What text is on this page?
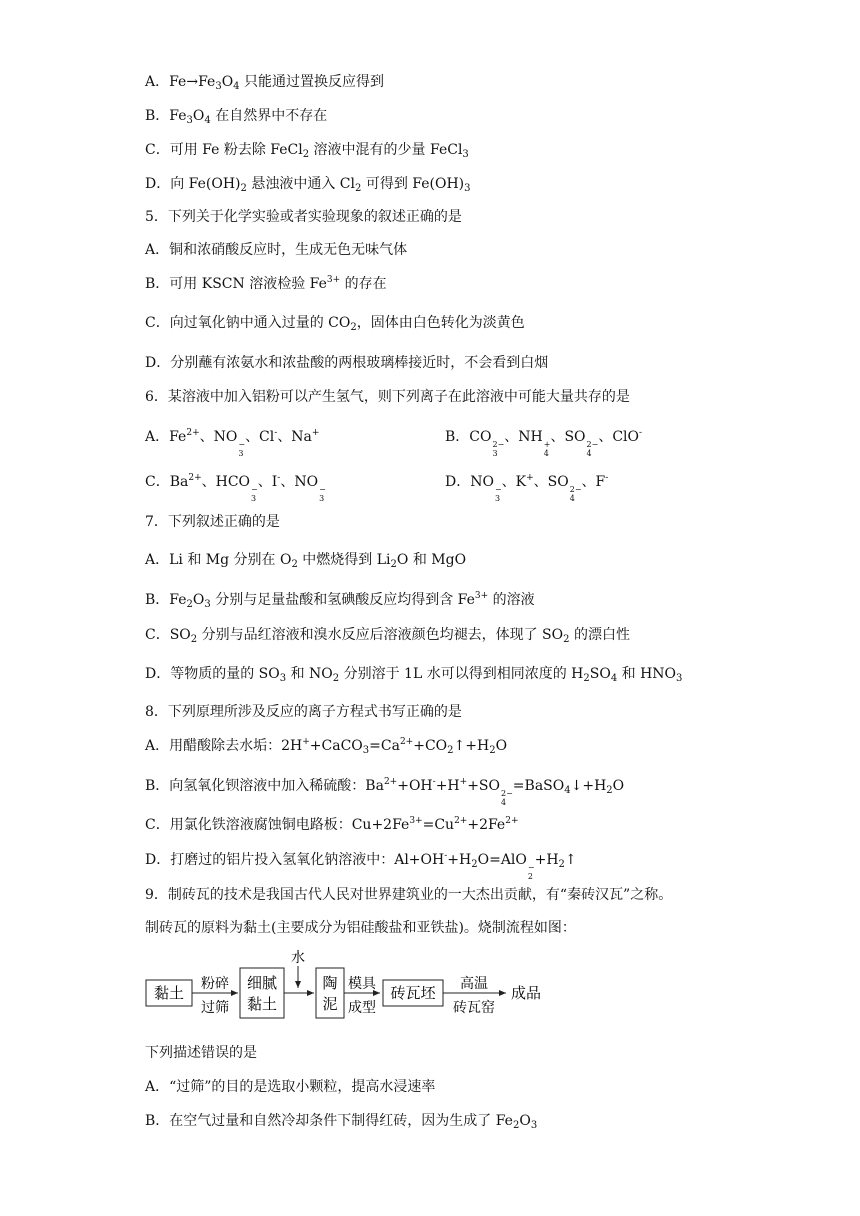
A．$Fe\to Fe_3O_4$ 只能通过置换反应得到
B．$Fe_3O_4$ 在自然界中不存在
C．可用 Fe 粉去除 FeCl$_2$ 溶液中混有的少量 FeCl$_3$
D．向 $Fe(OH)_2$ 悬浊液中通入 $Cl_2$ 可得到 $Fe(OH)_3$
5．下列关于化学实验或者实验现象的叙述正确的是
A．铜和浓硝酸反应时，生成无色无味气体
B．可用 KSCN 溶液检验 $Fe^{3+}$ 的存在
C．向过氧化钠中通入过量的 $CO_2$，固体由白色转化为淡黄色
D．分别蘸有浓氨水和浓盐酸的两根玻璃棒接近时，不会看到白烟
6．某溶液中加入铝粉可以产生氢气，则下列离子在此溶液中可能大量共存的是
A．$Fe^{2+}$、NO −
3
、Cl-、Na+	B．CO 2−
3
、NH +
4
、SO 2−
4
、ClO-
C．$Ba^{2+}$、HCO −
3
、I-、NO −
3
D．NO −
3
、K+、SO 2−
4
、F-
7．下列叙述正确的是
A．Li 和 Mg 分别在 $O_2$ 中燃烧得到 $Li_2O$ 和 MgO
B．$Fe_2O_3$ 分别与足量盐酸和氢碘酸反应均得到含 $Fe^{3+}$ 的溶液
C．$SO_2$ 分别与品红溶液和溴水反应后溶液颜色均褪去，体现了 $SO_2$ 的漂白性
D．等物质的量的 $SO_3$ 和 $NO_2$ 分别溶于 1L 水可以得到相同浓度的 $H_2SO_4$ 和 $HNO_3$
8．下列原理所涉及反应的离子方程式书写正确的是
A．用醋酸除去水垢：$2H^++CaCO_3=Ca^{2+}+CO_2↑+H_2O$
B．向氢氧化钡溶液中加入稀硫酸：$Ba^{2+}+OH^-+H^++SO$ 2−
4
$=BaSO_4↓+H_2O$
C．用氯化铁溶液腐蚀铜电路板：$Cu+2Fe^{3+}=Cu^{2+}+2Fe^{2+}$
D．打磨过的铝片投入氢氧化钠溶液中：$Al+OH^-+H_2O=AlO$ −
2
$+H_2↑$
9．制砖瓦的技术是我国古代人民对世界建筑业的一大杰出贡献，有“秦砖汉瓦”之称。
制砖瓦的原料为黏土(主要成分为铝硅酸盐和亚铁盐)。烧制流程如图：
黏土 粉碎
过筛
细腻
黏土
水
陶
泥
模具
成型
砖瓦坯 高温
砖瓦窑
成品
下列描述错误的是
A．“过筛”的目的是选取小颗粒，提高水浸速率
B．在空气过量和自然冷却条件下制得红砖，因为生成了 $Fe_2O_3$
